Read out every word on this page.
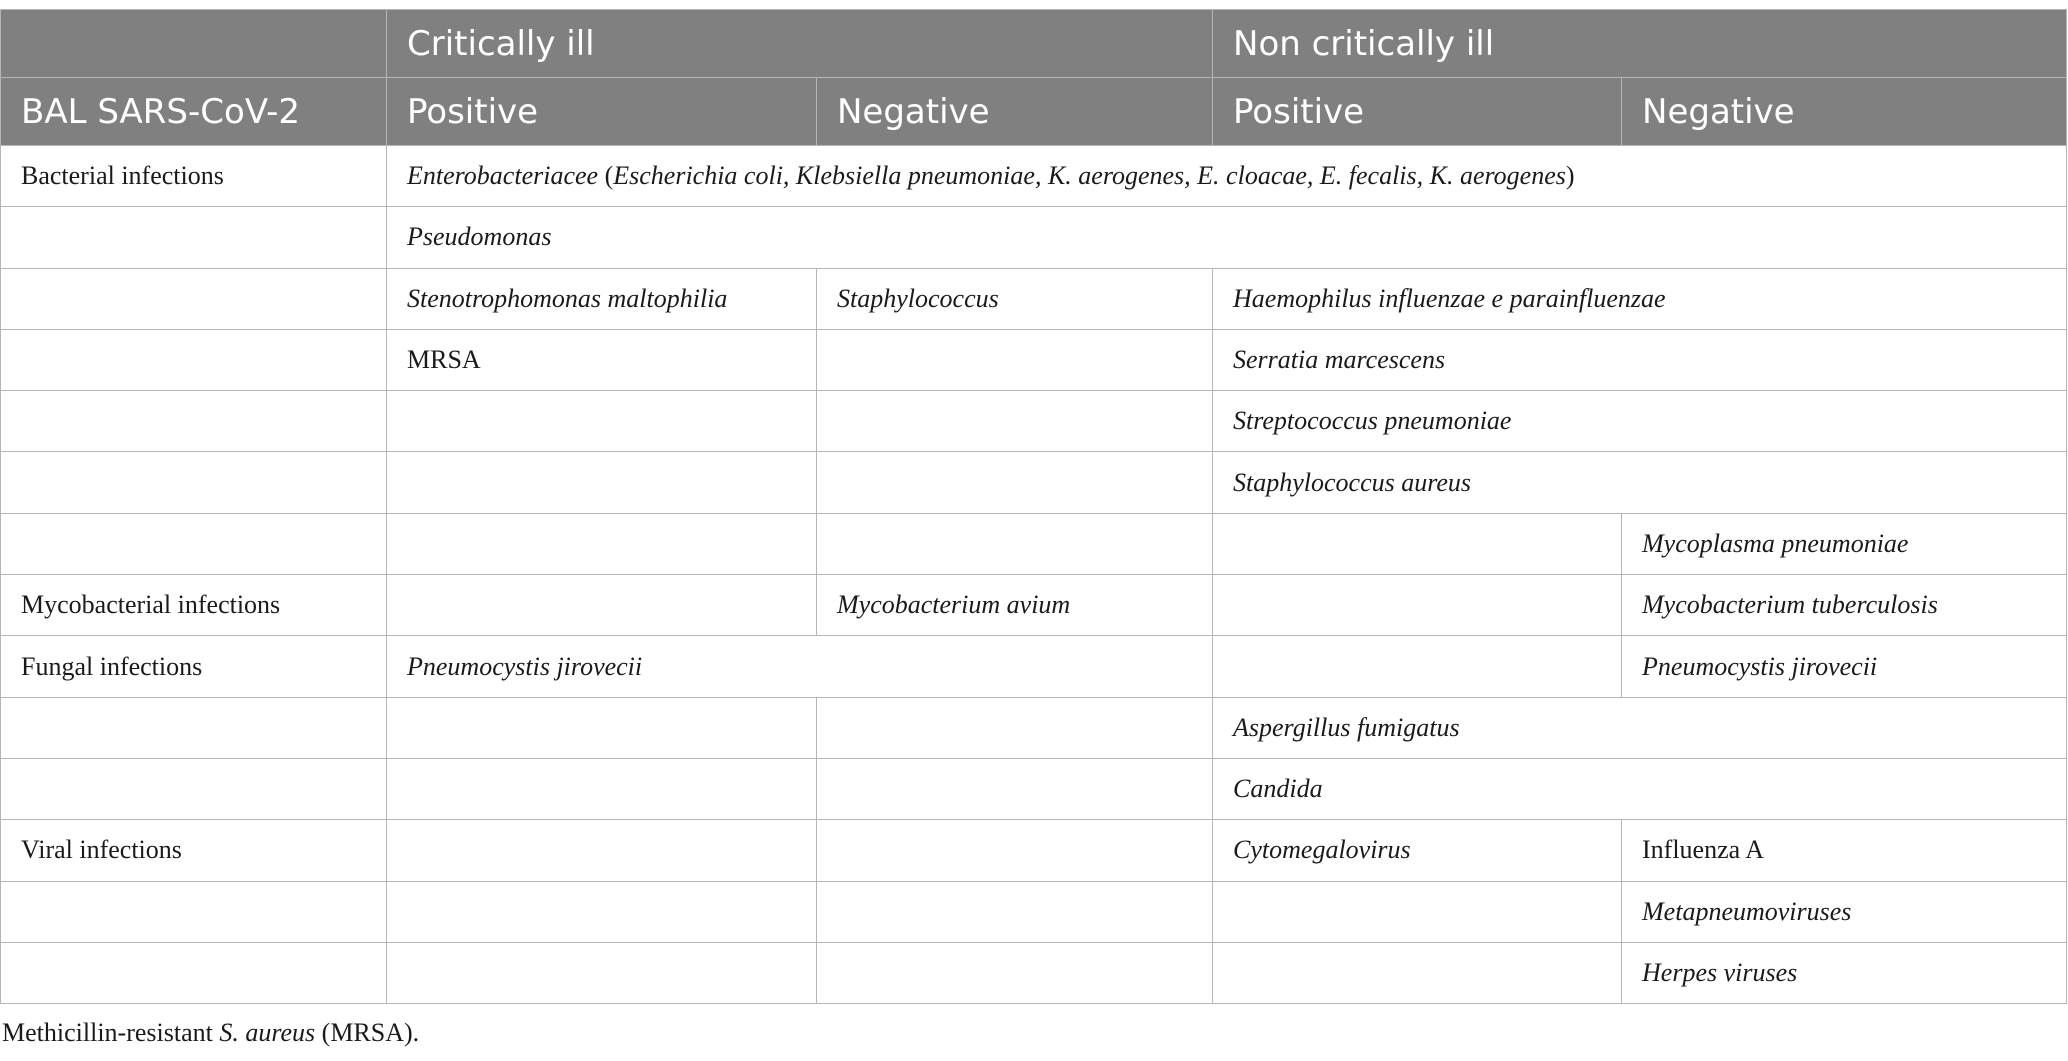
	Critically ill		Non critically ill	
BAL SARS-CoV-2	Positive	Negative	Positive	Negative
Bacterial infections	Enterobacteriacee (Escherichia coli, Klebsiella pneumoniae, K. aerogenes, E. cloacae, E. fecalis, K. aerogenes)			
	Pseudomonas			
	Stenotrophomonas maltophilia	Staphylococcus	Haemophilus influenzae e parainfluenzae	
	MRSA		Serratia marcescens	
			Streptococcus pneumoniae	
			Staphylococcus aureus	
				Mycoplasma pneumoniae
Mycobacterial infections		Mycobacterium avium		Mycobacterium tuberculosis
Fungal infections	Pneumocystis jirovecii			Pneumocystis jirovecii
			Aspergillus fumigatus	
			Candida	
Viral infections			Cytomegalovirus	Influenza A
				Metapneumoviruses
				Herpes viruses
Methicillin-resistant S. aureus (MRSA).
